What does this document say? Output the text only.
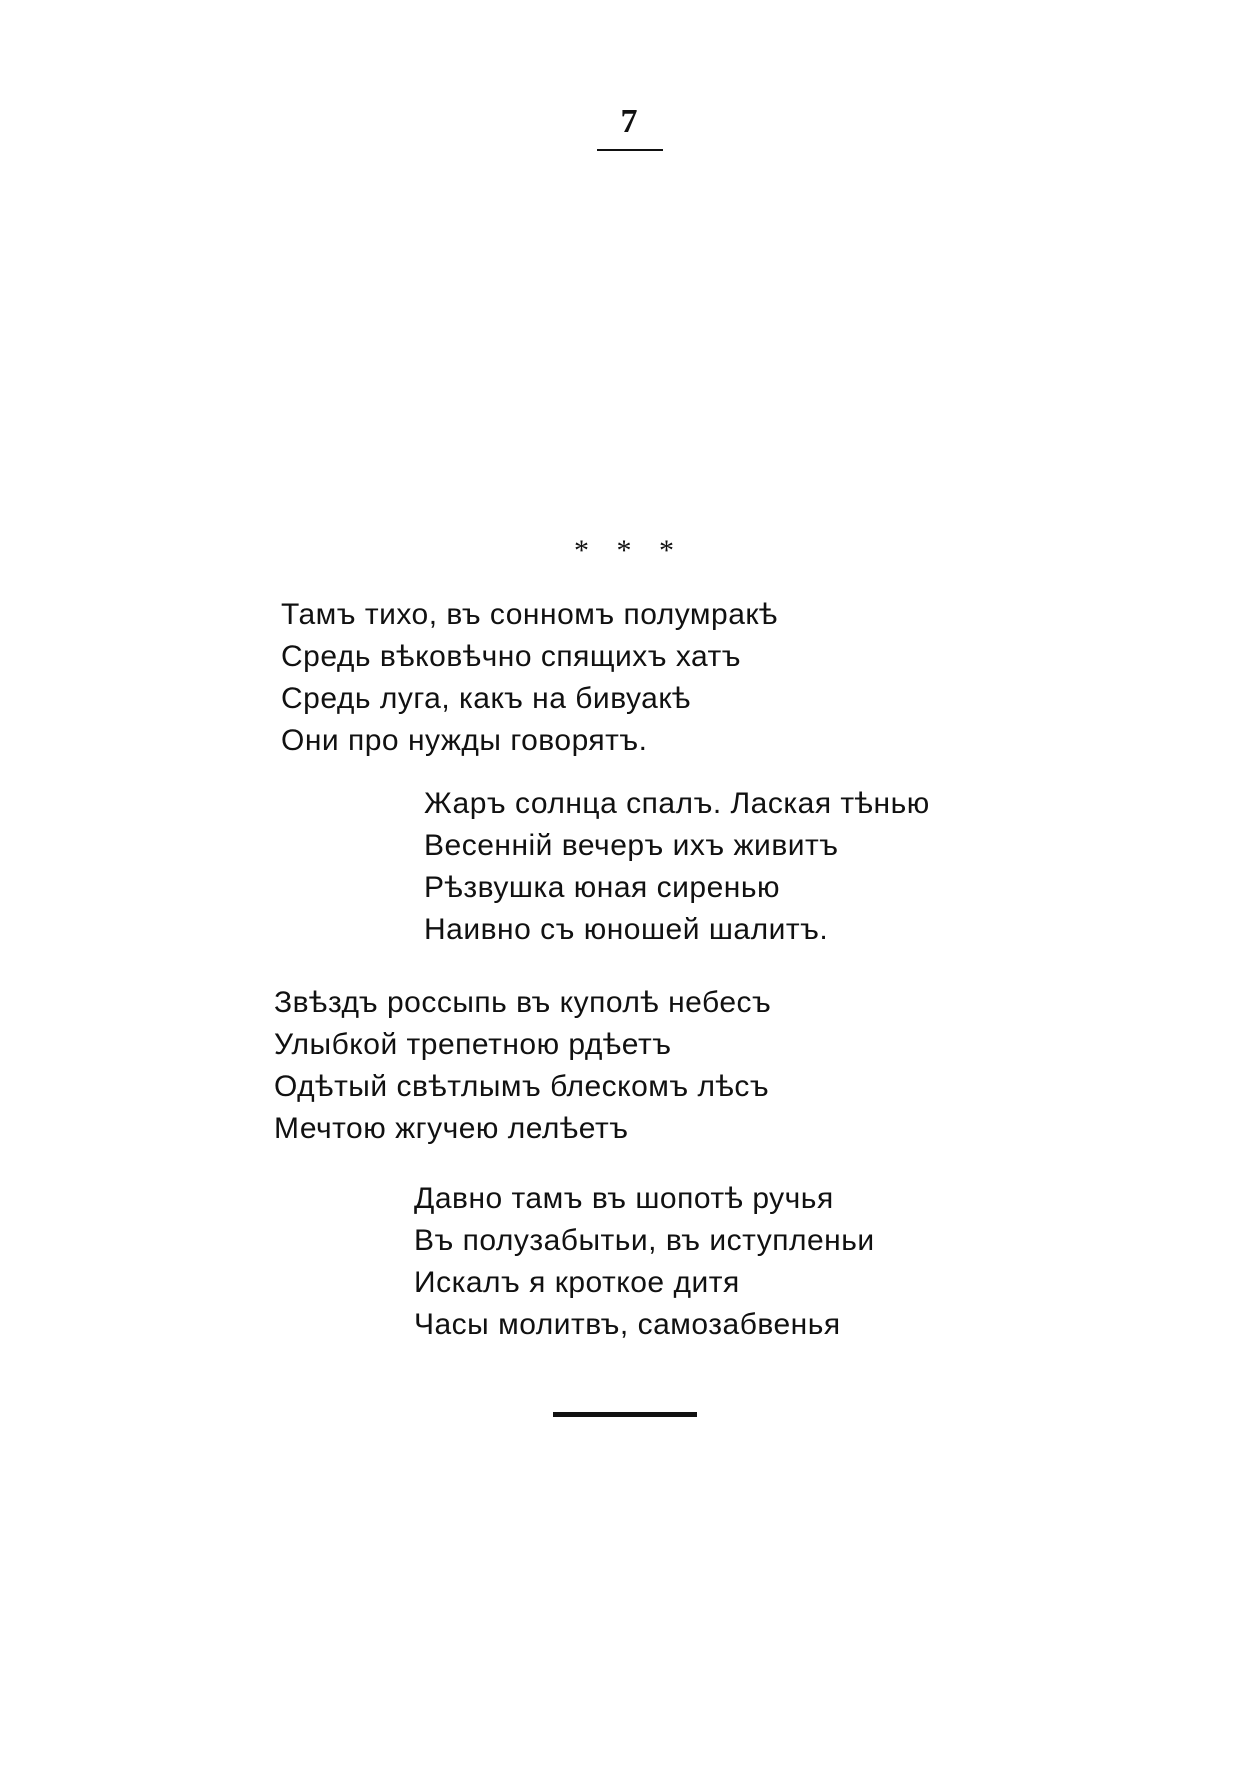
7
* * *
Тамъ тихо, въ сонномъ полумракѣ
Средь вѣковѣчно спящихъ хатъ
Средь луга, какъ на бивуакѣ
Они про нужды говорятъ.
Жаръ солнца спалъ. Лаская тѣнью
Весенній вечеръ ихъ живитъ
Рѣзвушка юная сиренью
Наивно съ юношей шалитъ.
Звѣздъ россыпь въ куполѣ небесъ
Улыбкой трепетною рдѣетъ
Одѣтый свѣтлымъ блескомъ лѣсъ
Мечтою жгучею лелѣетъ
Давно тамъ въ шопотѣ ручья
Въ полузабытьи, въ иступленьи
Искалъ я кроткое дитя
Часы молитвъ, самозабвенья
